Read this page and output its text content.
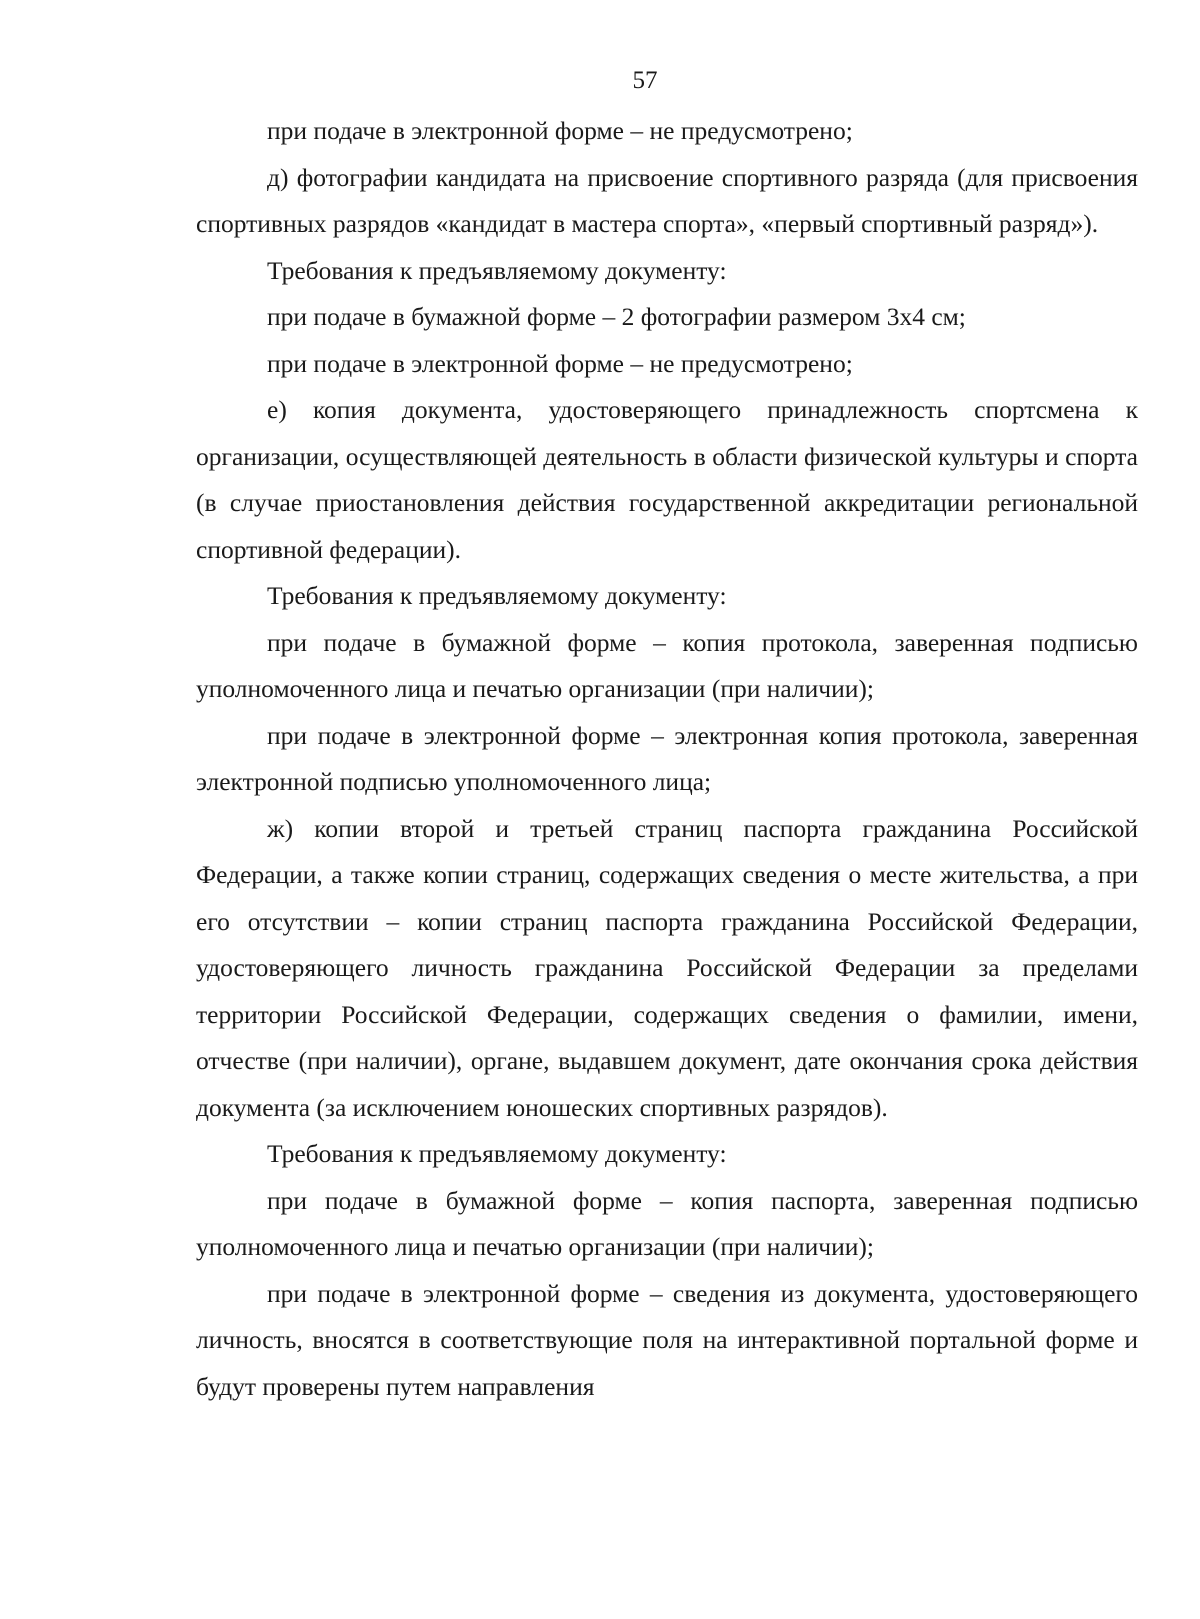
57

при подаче в электронной форме – не предусмотрено;

д) фотографии кандидата на присвоение спортивного разряда (для присвоения спортивных разрядов «кандидат в мастера спорта», «первый спортивный разряд»).

Требования к предъявляемому документу:

при подаче в бумажной форме – 2 фотографии размером 3х4 см;

при подаче в электронной форме – не предусмотрено;

е) копия документа, удостоверяющего принадлежность спортсмена к организации, осуществляющей деятельность в области физической культуры и спорта (в случае приостановления действия государственной аккредитации региональной спортивной федерации).

Требования к предъявляемому документу:

при подаче в бумажной форме – копия протокола, заверенная подписью уполномоченного лица и печатью организации (при наличии);

при подаче в электронной форме – электронная копия протокола, заверенная электронной подписью уполномоченного лица;

ж) копии второй и третьей страниц паспорта гражданина Российской Федерации, а также копии страниц, содержащих сведения о месте жительства, а при его отсутствии – копии страниц паспорта гражданина Российской Федерации, удостоверяющего личность гражданина Российской Федерации за пределами территории Российской Федерации, содержащих сведения о фамилии, имени, отчестве (при наличии), органе, выдавшем документ, дате окончания срока действия документа (за исключением юношеских спортивных разрядов).

Требования к предъявляемому документу:

при подаче в бумажной форме – копия паспорта, заверенная подписью уполномоченного лица и печатью организации (при наличии);

при подаче в электронной форме – сведения из документа, удостоверяющего личность, вносятся в соответствующие поля на интерактивной портальной форме и будут проверены путем направления
